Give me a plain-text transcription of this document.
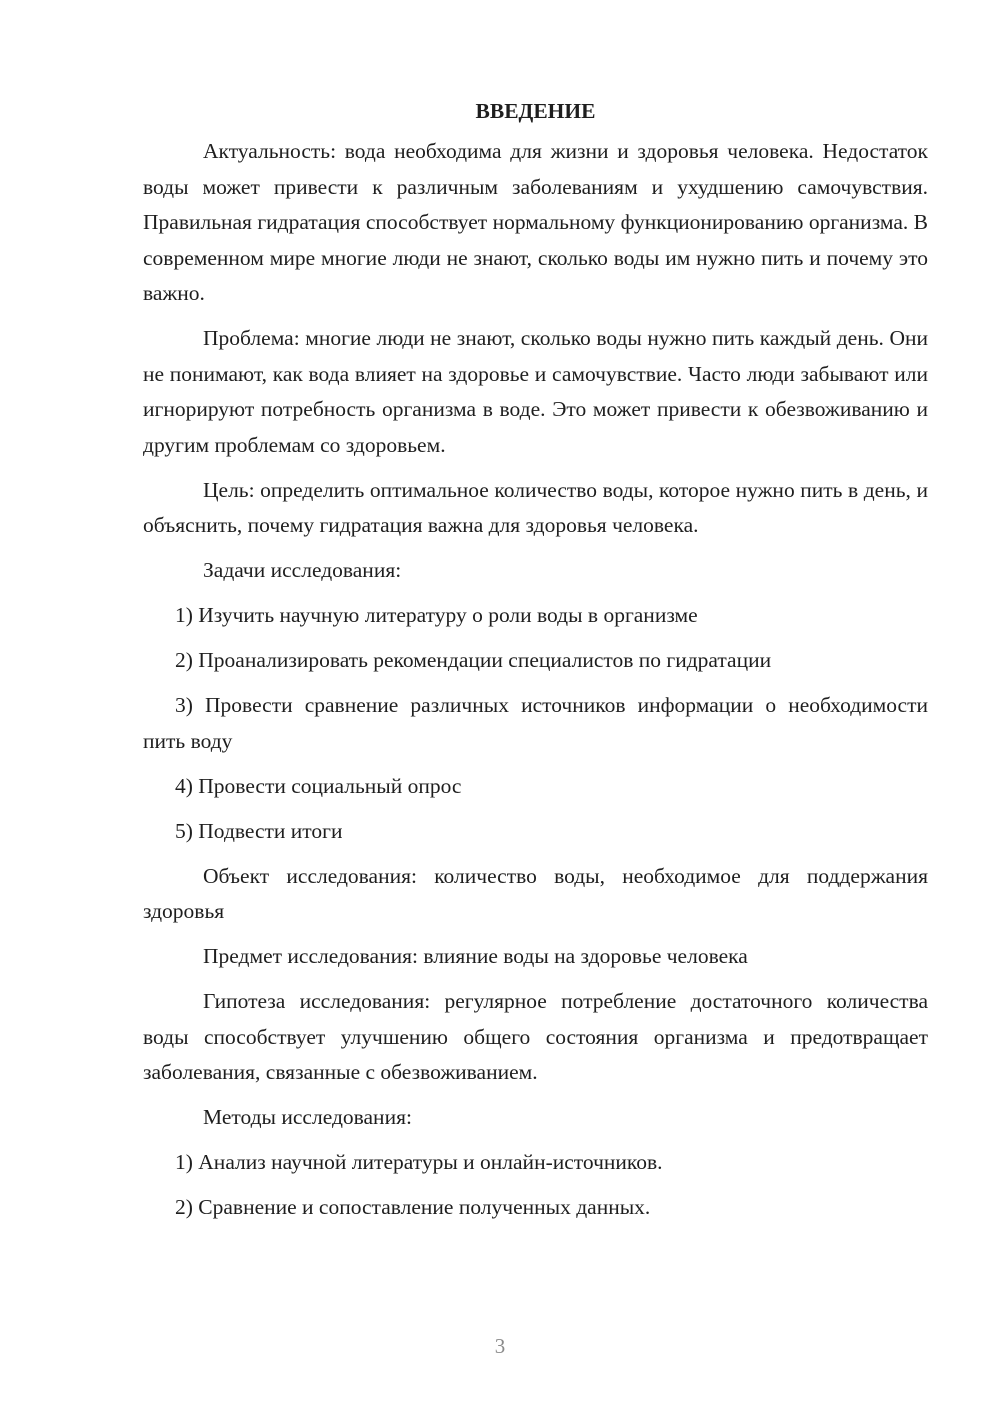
ВВЕДЕНИЕ

Актуальность: вода необходима для жизни и здоровья человека. Недостаток воды может привести к различным заболеваниям и ухудшению самочувствия. Правильная гидратация способствует нормальному функционированию организма. В современном мире многие люди не знают, сколько воды им нужно пить и почему это важно.

Проблема: многие люди не знают, сколько воды нужно пить каждый день. Они не понимают, как вода влияет на здоровье и самочувствие. Часто люди забывают или игнорируют потребность организма в воде. Это может привести к обезвоживанию и другим проблемам со здоровьем.

Цель: определить оптимальное количество воды, которое нужно пить в день, и объяснить, почему гидратация важна для здоровья человека.

Задачи исследования:

1) Изучить научную литературу о роли воды в организме

2) Проанализировать рекомендации специалистов по гидратации

3) Провести сравнение различных источников информации о необходимости пить воду

4) Провести социальный опрос

5) Подвести итоги

Объект исследования: количество воды, необходимое для поддержания здоровья

Предмет исследования: влияние воды на здоровье человека

Гипотеза исследования: регулярное потребление достаточного количества воды способствует улучшению общего состояния организма и предотвращает заболевания, связанные с обезвоживанием.

Методы исследования:

1) Анализ научной литературы и онлайн-источников.

2) Сравнение и сопоставление полученных данных.

3
